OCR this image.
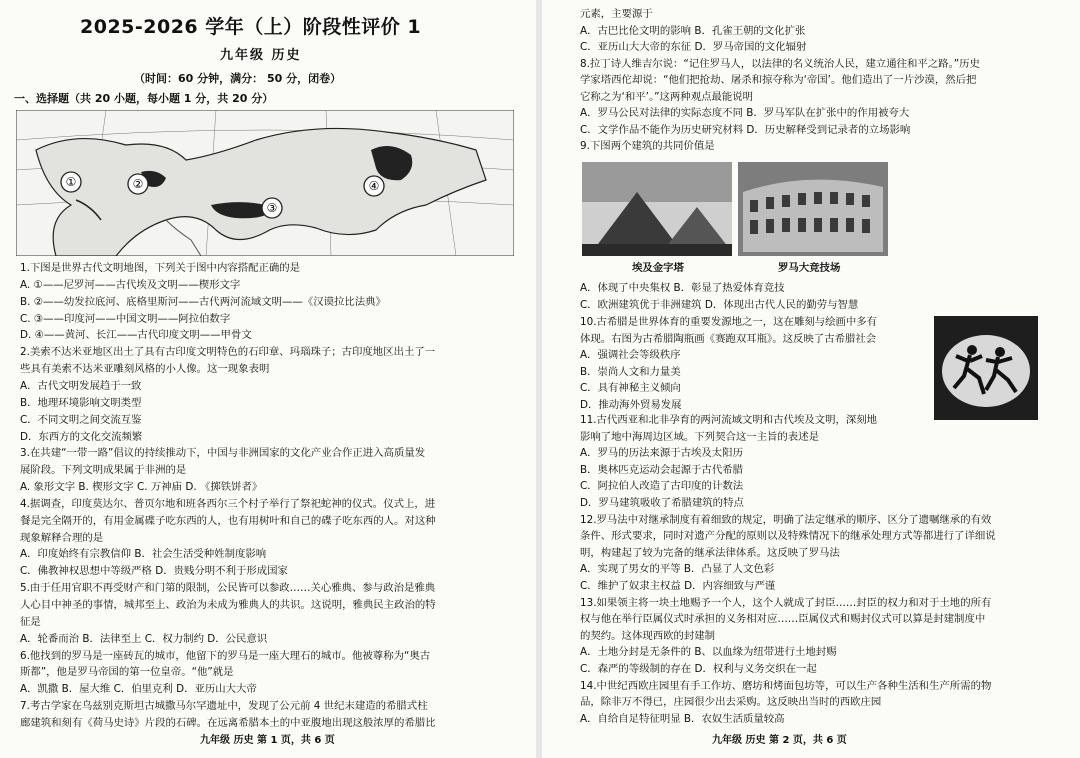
2025-2026 学年（上）阶段性评价 1
九年级 历史
（时间：60 分钟，满分： 50 分，闭卷）
一、选择题（共 20 小题，每小题 1 分，共 20 分）
①	②
③
④
1.下图是世界古代文明地图，下列关于图中内容搭配正确的是
A. ①——尼罗河——古代埃及文明——楔形文字
B. ②——幼发拉底河、底格里斯河——古代两河流域文明——《汉谟拉比法典》
C. ③——印度河——中国文明——阿拉伯数字
D. ④——黄河、长江——古代印度文明——甲骨文
2.美索不达米亚地区出土了具有古印度文明特色的石印章、玛瑙珠子；古印度地区出土了一
些具有美索不达米亚雕刻风格的小人像。这一现象表明
A．古代文明发展趋于一致
B．地理环境影响文明类型
C．不同文明之间交流互鉴
D．东西方的文化交流频繁
3.在共建“一带一路”倡议的持续推动下，中国与非洲国家的文化产业合作正进入高质量发
展阶段。下列文明成果属于非洲的是
A. 象形文字 B. 楔形文字 C. 万神庙 D. 《掷铁饼者》
4.据调查，印度莫达尔、普页尔地和班各西尔三个村子举行了祭祀蛇神的仪式。仪式上，进
餐是完全隔开的，有用金属碟子吃东西的人，也有用树叶和自己的碟子吃东西的人。对这种
现象解释合理的是
A．印度始终有宗教信仰 B．社会生活受种姓制度影响
C．佛教神权思想中等级严格 D．贵贱分明不利于形成国家
5.由于任用官职不再受财产和门第的限制，公民皆可以参政……关心雅典、参与政治是雅典
人心目中神圣的事情，城邦至上、政治为未成为雅典人的共识。这说明，雅典民主政治的特
征是
A．轮番而治 B．法律至上 C．权力制约 D．公民意识
6.他找到的罗马是一座砖瓦的城市，他留下的罗马是一座大理石的城市。他被尊称为“奥古
斯都”，他是罗马帝国的第一位皇帝。“他”就是
A．凯撒 B．屋大维 C．伯里克利 D．亚历山大大帝
7.考古学家在乌兹别克斯坦古城撒马尔罕遗址中，发现了公元前 4 世纪末建造的希腊式柱
廊建筑和刻有《荷马史诗》片段的石碑。在远离希腊本土的中亚腹地出现这般浓厚的希腊比
九年级 历史 第 1 页，共 6 页
元素，主要源于
A．古巴比伦文明的影响 B．孔雀王朝的文化扩张
C．亚历山大大帝的东征 D．罗马帝国的文化辐射
8.拉丁诗人维吉尔说：“记住罗马人，以法律的名义统治人民，建立通往和平之路。”历史
学家塔西佗却说：“他们把抢劫、屠杀和掠夺称为‘帝国’。他们造出了一片沙漠，然后把
它称之为‘和平’。”这两种观点最能说明
A．罗马公民对法律的实际态度不同 B．罗马军队在扩张中的作用被夸大
C．文学作品不能作为历史研究材料 D．历史解释受到记录者的立场影响
9.下图两个建筑的共同价值是
埃及金字塔	罗马大竞技场
A．体现了中央集权 B．彰显了热爱体育竞技
C．欧洲建筑优于非洲建筑 D．体现出古代人民的勤劳与智慧
10.古希腊是世界体育的重要发源地之一，这在雕刻与绘画中多有
体现。右图为古希腊陶瓶画《赛跑双耳瓶》。这反映了古希腊社会
A．强调社会等级秩序
B．崇尚人文和力量美
C．具有神秘主义倾向
D．推动海外贸易发展
11.古代西亚和北非孕育的两河流域文明和古代埃及文明，深刻地
影响了地中海周边区域。下列契合这一主旨的表述是
A．罗马的历法来源于古埃及太阳历
B．奥林匹克运动会起源于古代希腊
C．阿拉伯人改造了古印度的计数法
D．罗马建筑吸收了希腊建筑的特点
12.罗马法中对继承制度有着细致的规定，明确了法定继承的顺序、区分了遗嘱继承的有效
条件、形式要求，同时对遗产分配的原则以及特殊情况下的继承处理方式等都进行了详细说
明，构建起了较为完备的继承法律体系。这反映了罗马法
A．实现了男女的平等 B．凸显了人文色彩
C．维护了奴隶主权益 D．内容细致与严谨
13.如果领主将一块土地赐予一个人，这个人就成了封臣……封臣的权力和对于土地的所有
权与他在举行臣属仪式时承担的义务相对应……臣属仪式和赐封仪式可以算是封建制度中
的契约。这体现西欧的封建制
A．土地分封是无条件的 B、以血缘为纽带进行土地封赐
C．森严的等级制的存在 D．权利与义务交织在一起
14.中世纪西欧庄园里有手工作坊、磨坊和烤面包坊等，可以生产各种生活和生产所需的物
品，除非万不得已，庄园很少出去采购。这反映出当时的西欧庄园
A．自给自足特征明显 B．农奴生活质量较高
九年级 历史 第 2 页，共 6 页
